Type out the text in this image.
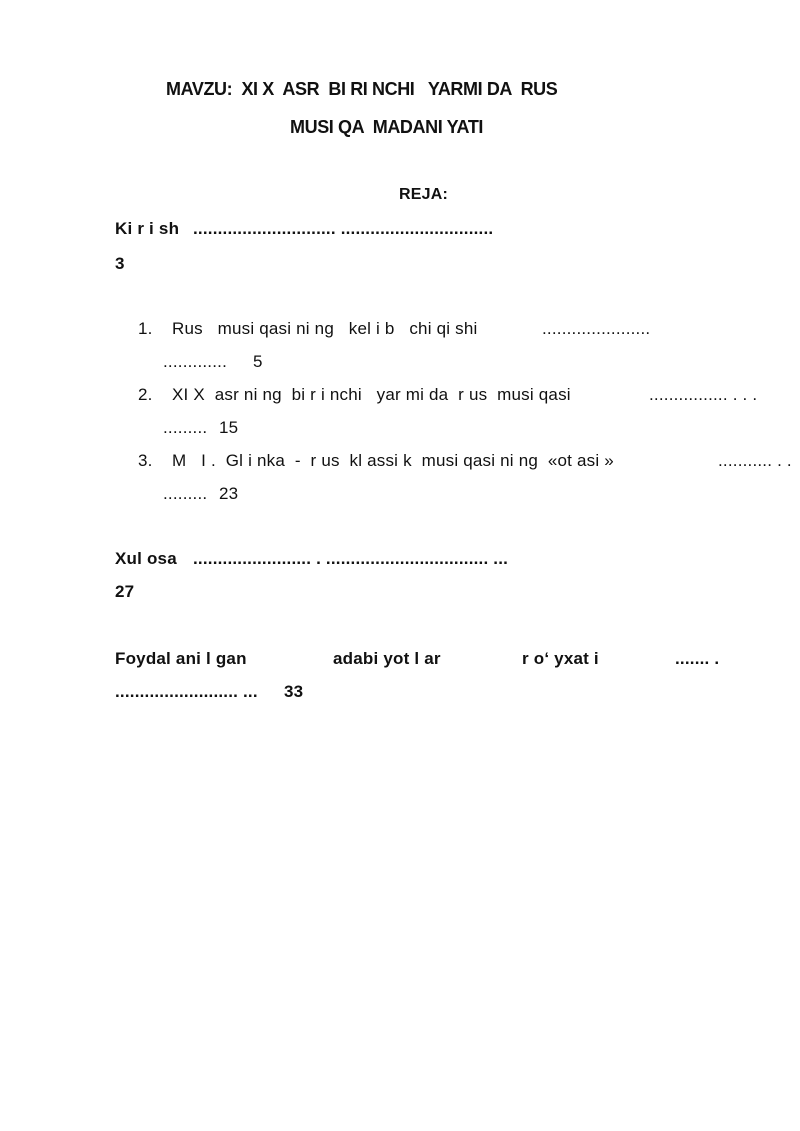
MAVZU:  XI X  ASR  BI RI NCHI   YARMI DA  RUS
MUSI QA  MADANI YATI
REJA:
Ki r i sh ............................. ...............................
3
1. Rus   musi qasi ni ng   kel i b   chi qi shi	......................
............. 5
2. XI X  asr ni ng  bi r i nchi   yar mi da  r us  musi qasi	................ . . .
......... 15
3. M   I .  Gl i nka  -  r us  kl assi k  musi qasi ni ng  «ot asi »	........... . .
......... 23
Xul osa ........................ . ................................. ...
27
Foydal ani l gan	adabi yot l ar	r o‘ yxat i	....... .
......................... ... 33
